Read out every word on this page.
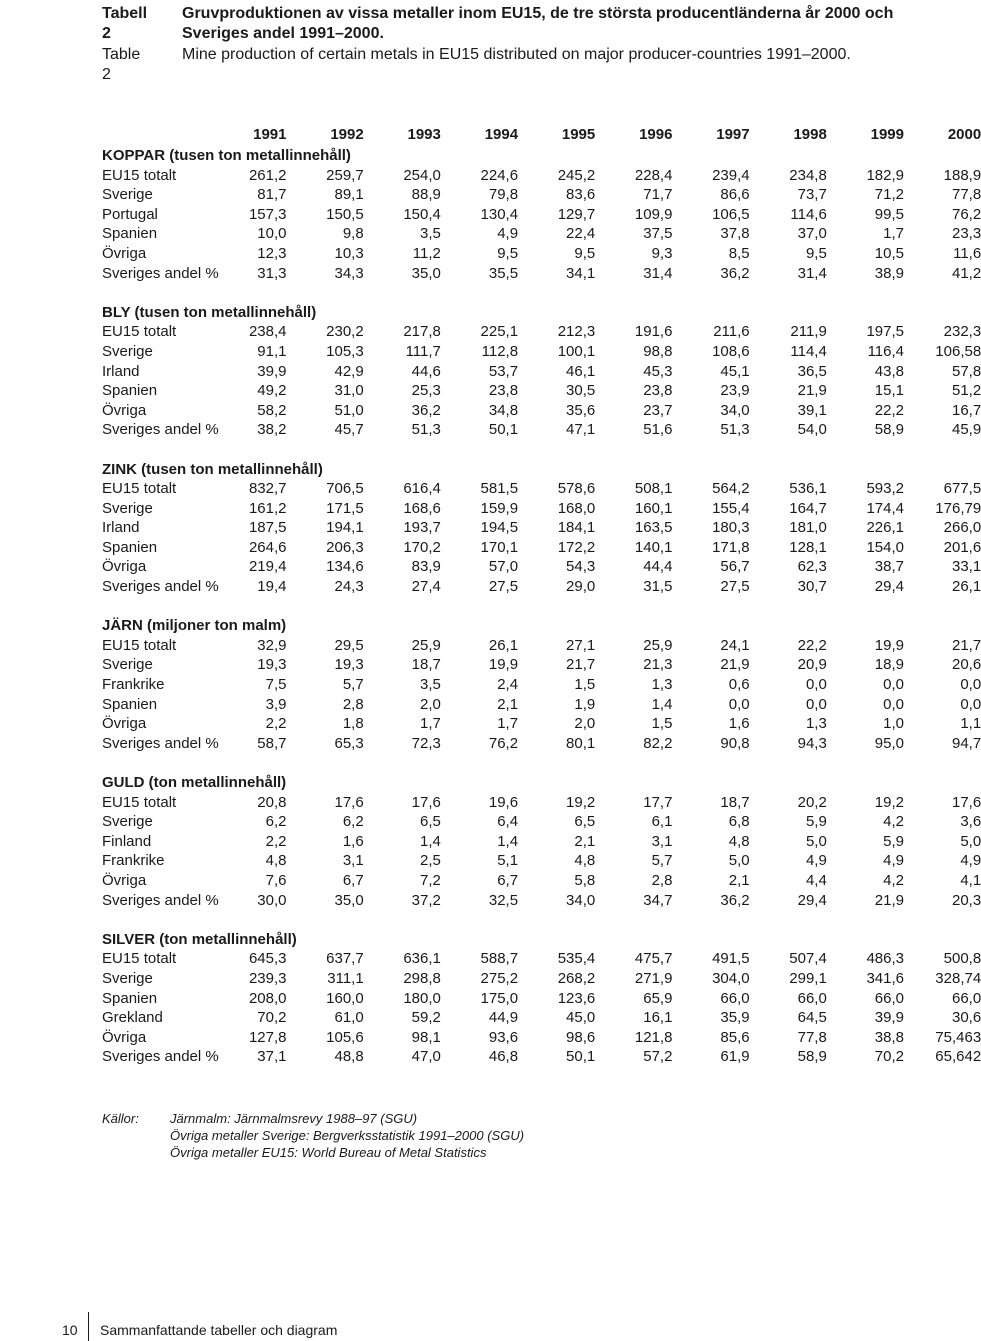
Tabell 2
Gruvproduktionen av vissa metaller inom EU15, de tre största producentländerna år 2000 och Sveriges andel 1991–2000.
Table 2
Mine production of certain metals in EU15 distributed on major producer-countries 1991–2000.
1991	1992	1993	1994	1995	1996	1997	1998	1999	2000
KOPPAR (tusen ton metallinnehåll)
EU15 totalt	261,2	259,7	254,0	224,6	245,2	228,4	239,4	234,8	182,9	188,9
Sverige	81,7	89,1	88,9	79,8	83,6	71,7	86,6	73,7	71,2	77,8
Portugal	157,3	150,5	150,4	130,4	129,7	109,9	106,5	114,6	99,5	76,2
Spanien	10,0	9,8	3,5	4,9	22,4	37,5	37,8	37,0	1,7	23,3
Övriga	12,3	10,3	11,2	9,5	9,5	9,3	8,5	9,5	10,5	11,6
Sveriges andel %	31,3	34,3	35,0	35,5	34,1	31,4	36,2	31,4	38,9	41,2
BLY (tusen ton metallinnehåll)
EU15 totalt	238,4	230,2	217,8	225,1	212,3	191,6	211,6	211,9	197,5	232,3
Sverige	91,1	105,3	111,7	112,8	100,1	98,8	108,6	114,4	116,4	106,58
Irland	39,9	42,9	44,6	53,7	46,1	45,3	45,1	36,5	43,8	57,8
Spanien	49,2	31,0	25,3	23,8	30,5	23,8	23,9	21,9	15,1	51,2
Övriga	58,2	51,0	36,2	34,8	35,6	23,7	34,0	39,1	22,2	16,7
Sveriges andel %	38,2	45,7	51,3	50,1	47,1	51,6	51,3	54,0	58,9	45,9
ZINK (tusen ton metallinnehåll)
EU15 totalt	832,7	706,5	616,4	581,5	578,6	508,1	564,2	536,1	593,2	677,5
Sverige	161,2	171,5	168,6	159,9	168,0	160,1	155,4	164,7	174,4	176,79
Irland	187,5	194,1	193,7	194,5	184,1	163,5	180,3	181,0	226,1	266,0
Spanien	264,6	206,3	170,2	170,1	172,2	140,1	171,8	128,1	154,0	201,6
Övriga	219,4	134,6	83,9	57,0	54,3	44,4	56,7	62,3	38,7	33,1
Sveriges andel %	19,4	24,3	27,4	27,5	29,0	31,5	27,5	30,7	29,4	26,1
JÄRN (miljoner ton malm)
EU15 totalt	32,9	29,5	25,9	26,1	27,1	25,9	24,1	22,2	19,9	21,7
Sverige	19,3	19,3	18,7	19,9	21,7	21,3	21,9	20,9	18,9	20,6
Frankrike	7,5	5,7	3,5	2,4	1,5	1,3	0,6	0,0	0,0	0,0
Spanien	3,9	2,8	2,0	2,1	1,9	1,4	0,0	0,0	0,0	0,0
Övriga	2,2	1,8	1,7	1,7	2,0	1,5	1,6	1,3	1,0	1,1
Sveriges andel %	58,7	65,3	72,3	76,2	80,1	82,2	90,8	94,3	95,0	94,7
GULD (ton metallinnehåll)
EU15 totalt	20,8	17,6	17,6	19,6	19,2	17,7	18,7	20,2	19,2	17,6
Sverige	6,2	6,2	6,5	6,4	6,5	6,1	6,8	5,9	4,2	3,6
Finland	2,2	1,6	1,4	1,4	2,1	3,1	4,8	5,0	5,9	5,0
Frankrike	4,8	3,1	2,5	5,1	4,8	5,7	5,0	4,9	4,9	4,9
Övriga	7,6	6,7	7,2	6,7	5,8	2,8	2,1	4,4	4,2	4,1
Sveriges andel %	30,0	35,0	37,2	32,5	34,0	34,7	36,2	29,4	21,9	20,3
SILVER (ton metallinnehåll)
EU15 totalt	645,3	637,7	636,1	588,7	535,4	475,7	491,5	507,4	486,3	500,8
Sverige	239,3	311,1	298,8	275,2	268,2	271,9	304,0	299,1	341,6	328,74
Spanien	208,0	160,0	180,0	175,0	123,6	65,9	66,0	66,0	66,0	66,0
Grekland	70,2	61,0	59,2	44,9	45,0	16,1	35,9	64,5	39,9	30,6
Övriga	127,8	105,6	98,1	93,6	98,6	121,8	85,6	77,8	38,8	75,463
Sveriges andel %	37,1	48,8	47,0	46,8	50,1	57,2	61,9	58,9	70,2	65,642
Källor: Järnmalm: Järnmalmsrevy 1988–97 (SGU)
Övriga metaller Sverige: Bergverksstatistik 1991–2000 (SGU)
Övriga metaller EU15: World Bureau of Metal Statistics
10 Sammanfattande tabeller och diagram
